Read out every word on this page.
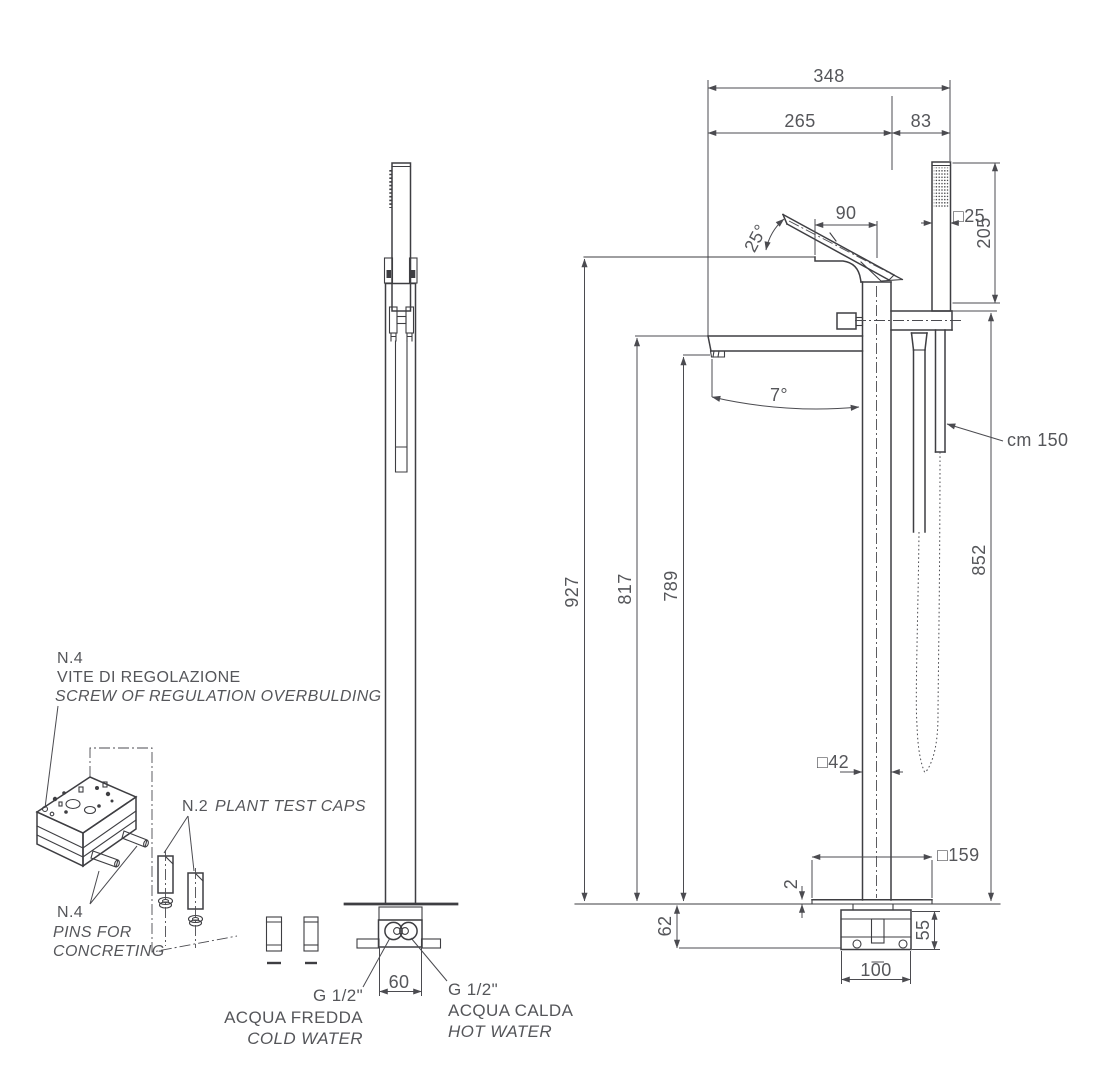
60
348
265	83
□25
205
25°
90
7°
cm 150
927 817 789
852
□42
□159
2
55
62
100
N.4
VITE DI REGOLAZIONE
SCREW OF REGULATION OVERBULDING
N.2 PLANT TEST CAPS
N.4
PINS FOR
CONCRETING
G 1/2"
ACQUA FREDDA
COLD WATER
G 1/2"
ACQUA CALDA
HOT WATER
